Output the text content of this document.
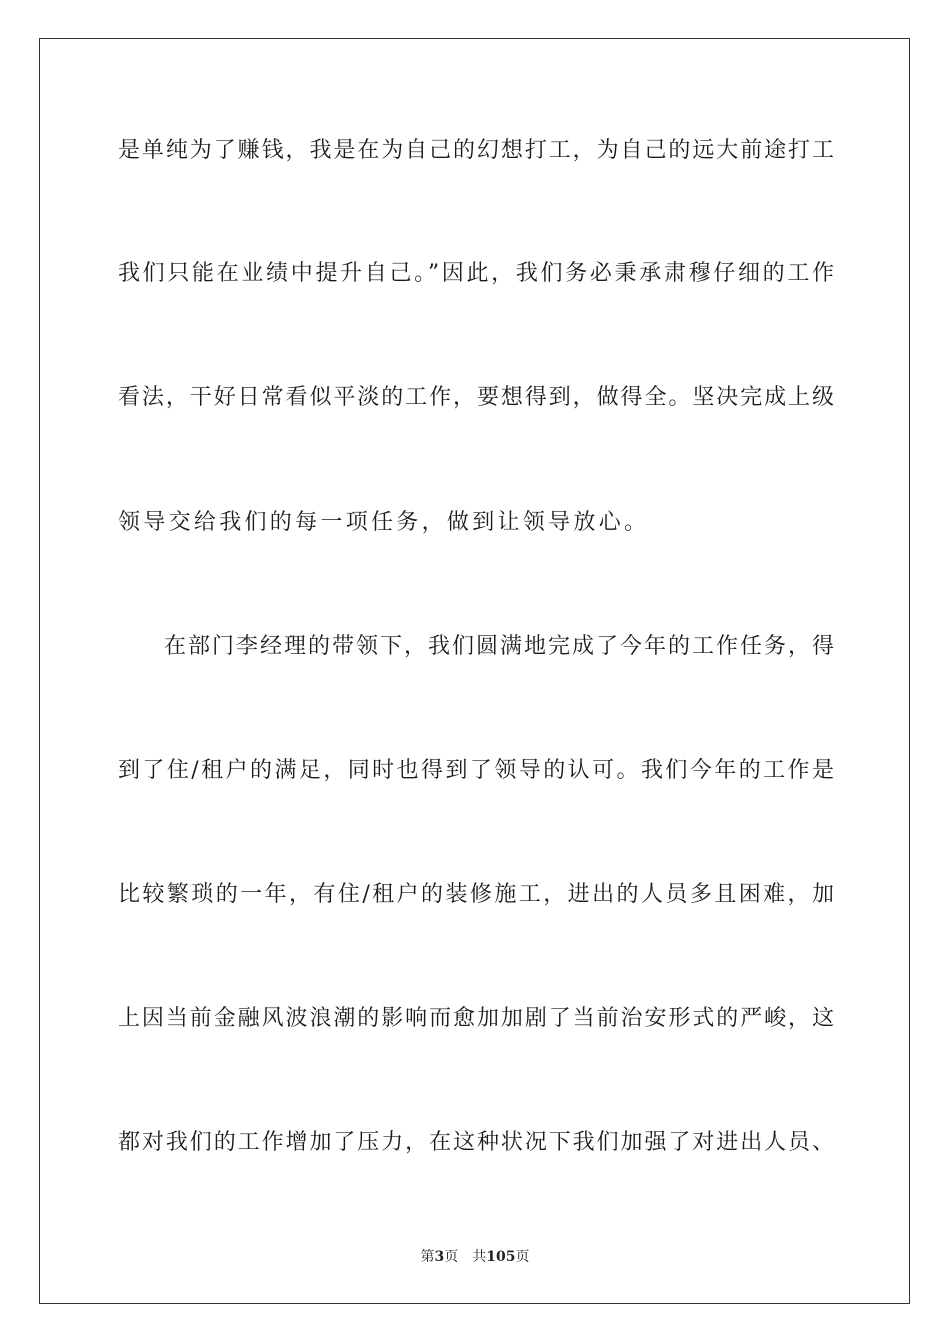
是单纯为了赚钱，我是在为自己的幻想打工，为自己的远大前途打工
我们只能在业绩中提升自己。”因此，我们务必秉承肃穆仔细的工作
看法，干好日常看似平淡的工作，要想得到，做得全。坚决完成上级
领导交给我们的每一项任务，做到让领导放心。
在部门李经理的带领下，我们圆满地完成了今年的工作任务，得
到了住/租户的满足，同时也得到了领导的认可。我们今年的工作是
比较繁琐的一年，有住/租户的装修施工，进出的人员多且困难，加
上因当前金融风波浪潮的影响而愈加加剧了当前治安形式的严峻，这
都对我们的工作增加了压力，在这种状况下我们加强了对进出人员、
第3页 共105页
